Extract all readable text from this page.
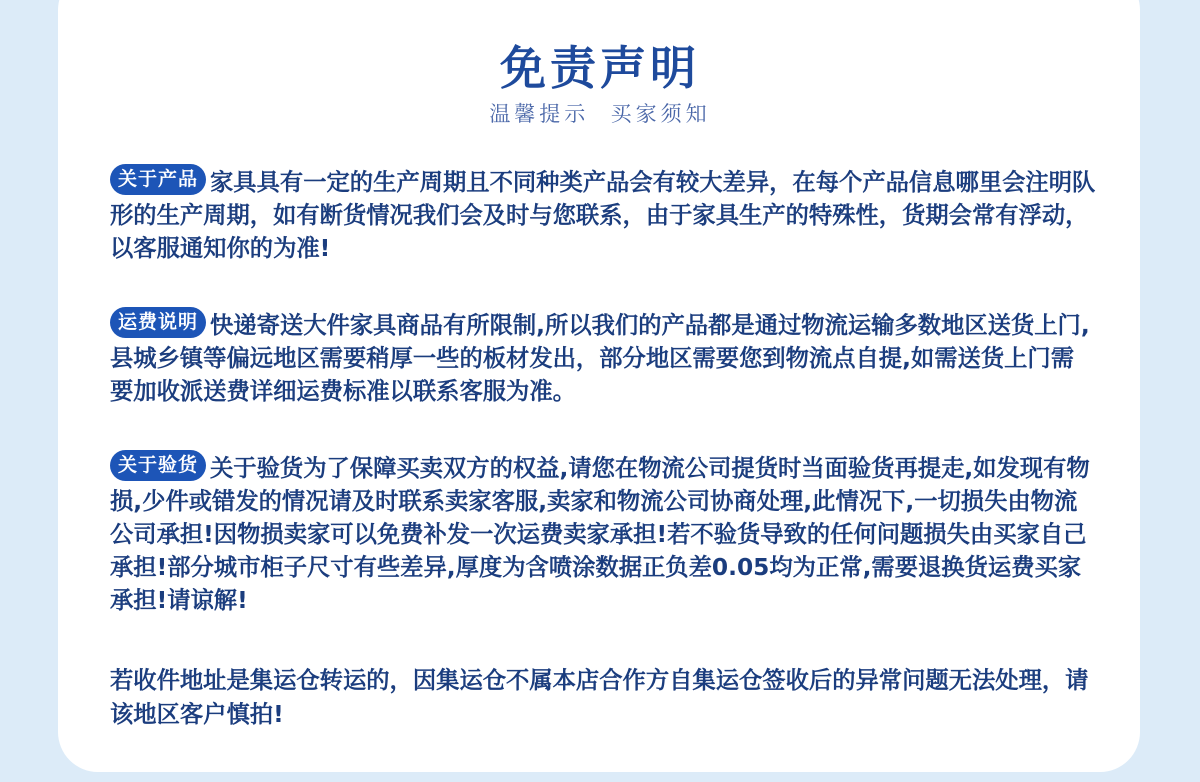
免责声明
温馨提示  买家须知
关于产品 家具具有一定的生产周期且不同种类产品会有较大差异，在每个产品信息哪里会注明队形的生产周期，如有断货情况我们会及时与您联系，由于家具生产的特殊性，货期会常有浮动，以客服通知你的为准!
运费说明 快递寄送大件家具商品有所限制,所以我们的产品都是通过物流运输多数地区送货上门,县城乡镇等偏远地区需要稍厚一些的板材发出，部分地区需要您到物流点自提,如需送货上门需要加收派送费详细运费标准以联系客服为准。
关于验货 关于验货为了保障买卖双方的权益,请您在物流公司提货时当面验货再提走,如发现有物损,少件或错发的情况请及时联系卖家客服,卖家和物流公司协商处理,此情况下,一切损失由物流公司承担!因物损卖家可以免费补发一次运费卖家承担!若不验货导致的任何问题损失由买家自己承担!部分城市柜子尺寸有些差异,厚度为含喷涂数据正负差0.05均为正常,需要退换货运费买家承担!请谅解!
若收件地址是集运仓转运的，因集运仓不属本店合作方自集运仓签收后的异常问题无法处理，请该地区客户慎拍!
